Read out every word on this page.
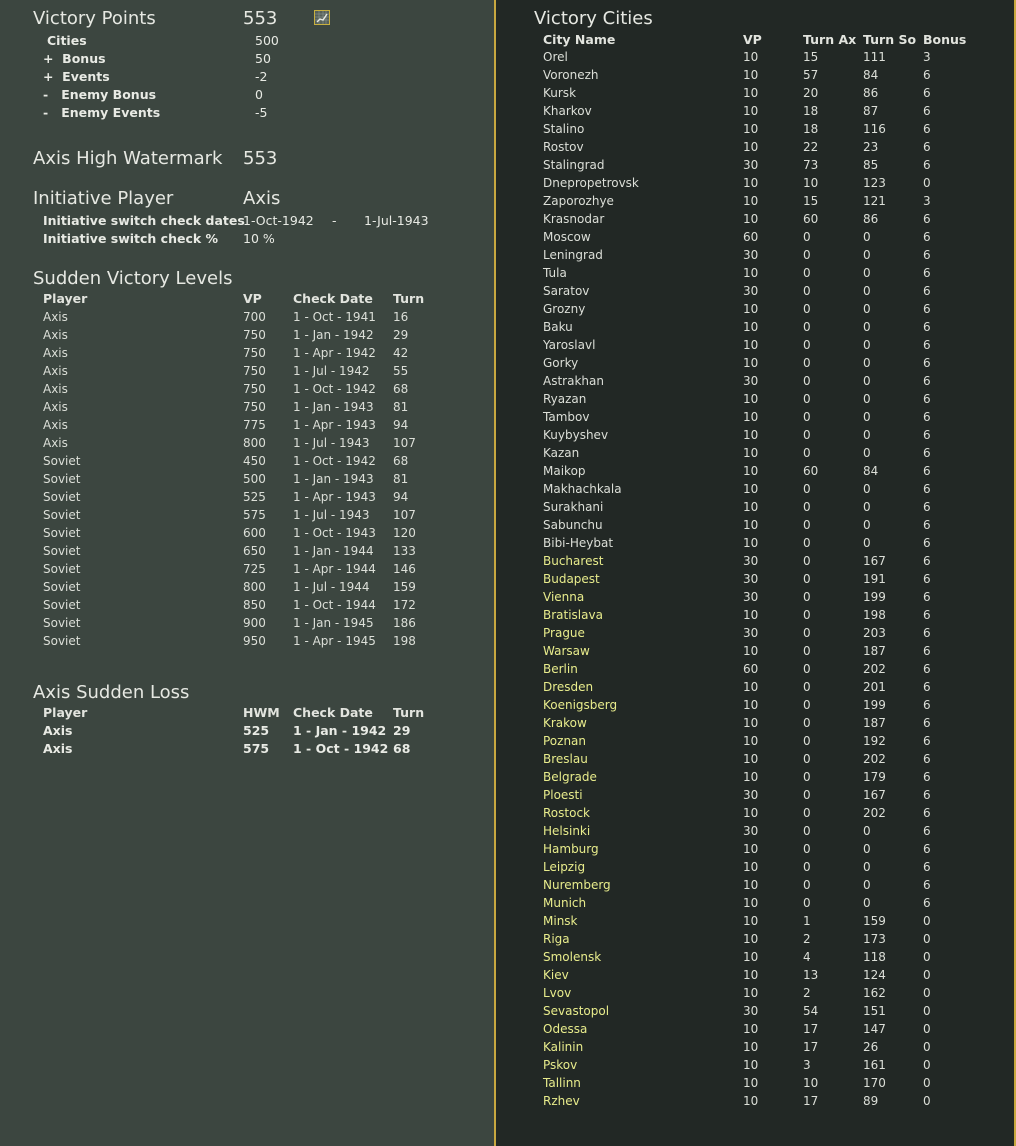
Victory Points	553
Cities	500
+  Bonus	50
+  Events	-2
-   Enemy Bonus	0
-   Enemy Events	-5
Axis High Watermark 553
Initiative Player	Axis
Initiative switch check dates
1-Oct-1942 - 1-Jul-1943
Initiative switch check % 10 %
Sudden Victory Levels
Player	VP Check Date Turn
Axis	700 1 - Oct - 1941 16
Axis	750 1 - Jan - 1942 29
Axis	750 1 - Apr - 1942 42
Axis	750 1 - Jul - 1942 55
Axis	750 1 - Oct - 1942 68
Axis	750 1 - Jan - 1943 81
Axis	775 1 - Apr - 1943 94
Axis	800 1 - Jul - 1943 107
Soviet	450 1 - Oct - 1942 68
Soviet	500 1 - Jan - 1943 81
Soviet	525 1 - Apr - 1943 94
Soviet	575 1 - Jul - 1943 107
Soviet	600 1 - Oct - 1943 120
Soviet	650 1 - Jan - 1944 133
Soviet	725 1 - Apr - 1944 146
Soviet	800 1 - Jul - 1944 159
Soviet	850 1 - Oct - 1944 172
Soviet	900 1 - Jan - 1945 186
Soviet	950 1 - Apr - 1945 198
Axis Sudden Loss
Player	HWM Check Date Turn
Axis	525 1 - Jan - 1942 29
Axis	575 1 - Oct - 1942 68
Victory Cities
City Name	VP	Turn Ax Turn So Bonus
Orel	10	15	111	3
Voronezh	10	57	84	6
Kursk	10	20	86	6
Kharkov	10	18	87	6
Stalino	10	18	116	6
Rostov	10	22	23	6
Stalingrad	30	73	85	6
Dnepropetrovsk	10	10	123	0
Zaporozhye	10	15	121	3
Krasnodar	10	60	86	6
Moscow	60	0	0	6
Leningrad	30	0	0	6
Tula	10	0	0	6
Saratov	30	0	0	6
Grozny	10	0	0	6
Baku	10	0	0	6
Yaroslavl	10	0	0	6
Gorky	10	0	0	6
Astrakhan	30	0	0	6
Ryazan	10	0	0	6
Tambov	10	0	0	6
Kuybyshev	10	0	0	6
Kazan	10	0	0	6
Maikop	10	60	84	6
Makhachkala	10	0	0	6
Surakhani	10	0	0	6
Sabunchu	10	0	0	6
Bibi-Heybat	10	0	0	6
Bucharest	30	0	167	6
Budapest	30	0	191	6
Vienna	30	0	199	6
Bratislava	10	0	198	6
Prague	30	0	203	6
Warsaw	10	0	187	6
Berlin	60	0	202	6
Dresden	10	0	201	6
Koenigsberg	10	0	199	6
Krakow	10	0	187	6
Poznan	10	0	192	6
Breslau	10	0	202	6
Belgrade	10	0	179	6
Ploesti	30	0	167	6
Rostock	10	0	202	6
Helsinki	30	0	0	6
Hamburg	10	0	0	6
Leipzig	10	0	0	6
Nuremberg	10	0	0	6
Munich	10	0	0	6
Minsk	10	1	159	0
Riga	10	2	173	0
Smolensk	10	4	118	0
Kiev	10	13	124	0
Lvov	10	2	162	0
Sevastopol	30	54	151	0
Odessa	10	17	147	0
Kalinin	10	17	26	0
Pskov	10	3	161	0
Tallinn	10	10	170	0
Rzhev	10	17	89	0
